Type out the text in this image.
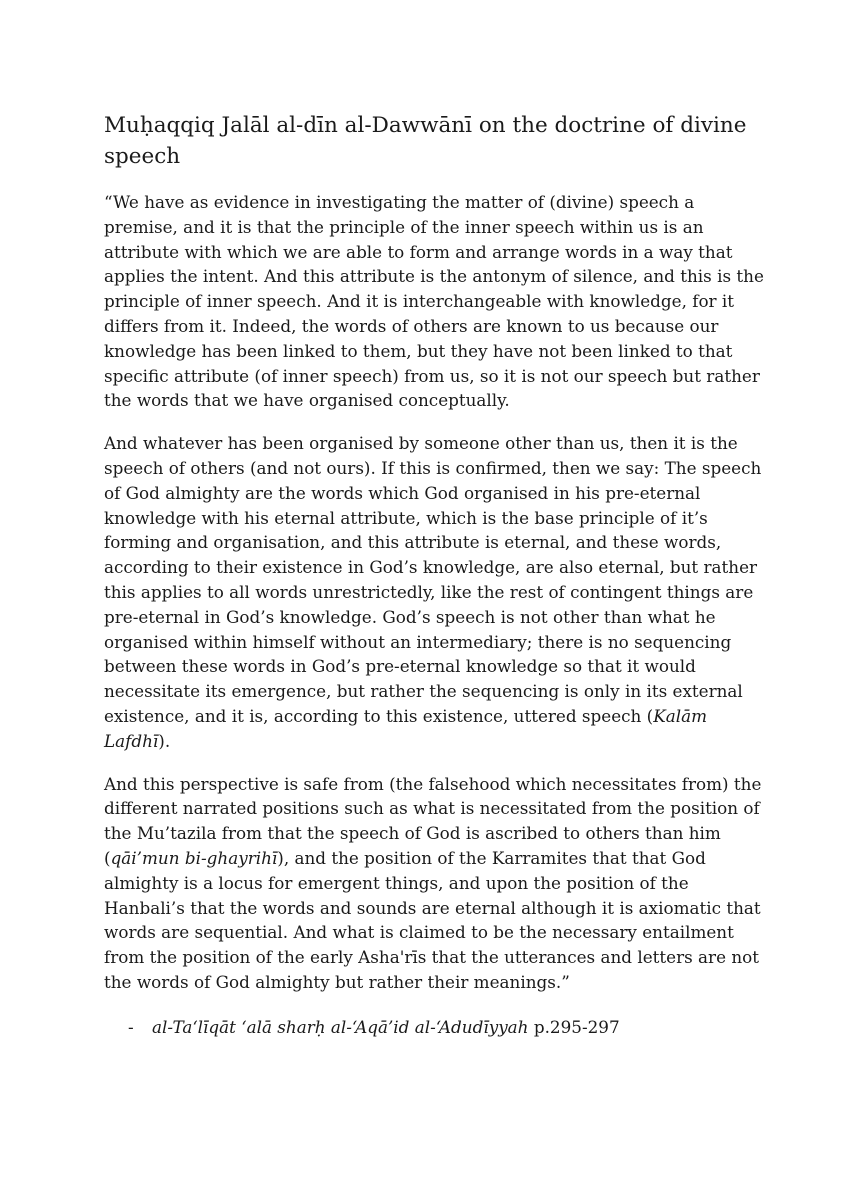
Muḥaqqiq Jalāl al-dīn al-Dawwānī on the doctrine of divine speech

“We have as evidence in investigating the matter of (divine) speech a premise, and it is that the principle of the inner speech within us is an attribute with which we are able to form and arrange words in a way that applies the intent. And this attribute is the antonym of silence, and this is the principle of inner speech. And it is interchangeable with knowledge, for it differs from it. Indeed, the words of others are known to us because our knowledge has been linked to them, but they have not been linked to that specific attribute (of inner speech) from us, so it is not our speech but rather the words that we have organised conceptually.

And whatever has been organised by someone other than us, then it is the speech of others (and not ours). If this is confirmed, then we say: The speech of God almighty are the words which God organised in his pre-eternal knowledge with his eternal attribute, which is the base principle of it’s forming and organisation, and this attribute is eternal, and these words, according to their existence in God’s knowledge, are also eternal, but rather this applies to all words unrestrictedly, like the rest of contingent things are pre-eternal in God’s knowledge. God’s speech is not other than what he organised within himself without an intermediary; there is no sequencing between these words in God’s pre-eternal knowledge so that it would necessitate its emergence, but rather the sequencing is only in its external existence, and it is, according to this existence, uttered speech (Kalām Lafdhī).

And this perspective is safe from (the falsehood which necessitates from) the different narrated positions such as what is necessitated from the position of the Mu’tazila from that the speech of God is ascribed to others than him (qāi’mun bi-ghayrihī), and the position of the Karramites that that God almighty is a locus for emergent things, and upon the position of the Hanbali’s that the words and sounds are eternal although it is axiomatic that words are sequential. And what is claimed to be the necessary entailment from the position of the early Asha'rīs that the utterances and letters are not the words of God almighty but rather their meanings.”

- al-Ta‘līqāt ‘alā sharḥ al-‘Aqā’id al-‘Adudīyyah p.295-297
